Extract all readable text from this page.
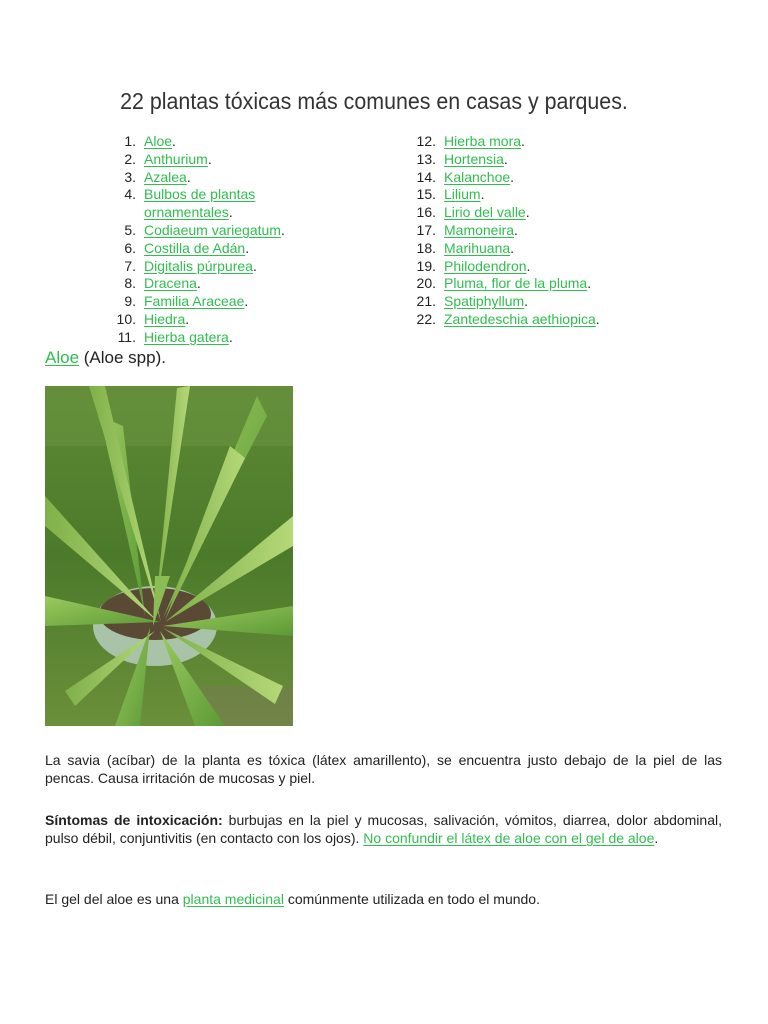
22 plantas tóxicas más comunes en casas y parques.
1. Aloe.
2. Anthurium.
3. Azalea.
4. Bulbos de plantas ornamentales.
5. Codiaeum variegatum.
6. Costilla de Adán.
7. Digitalis púrpurea.
8. Dracena.
9. Familia Araceae.
10. Hiedra.
11. Hierba gatera.
12. Hierba mora.
13. Hortensia.
14. Kalanchoe.
15. Lilium.
16. Lirio del valle.
17. Mamoneira.
18. Marihuana.
19. Philodendron.
20. Pluma, flor de la pluma.
21. Spatiphyllum.
22. Zantedeschia aethiopica.
Aloe (Aloe spp).

La savia (acíbar) de la planta es tóxica (látex amarillento), se encuentra justo debajo de la piel de las pencas. Causa irritación de mucosas y piel.

Síntomas de intoxicación: burbujas en la piel y mucosas, salivación, vómitos, diarrea, dolor abdominal, pulso débil, conjuntivitis (en contacto con los ojos). No confundir el látex de aloe con el gel de aloe.

El gel del aloe es una planta medicinal comúnmente utilizada en todo el mundo.
